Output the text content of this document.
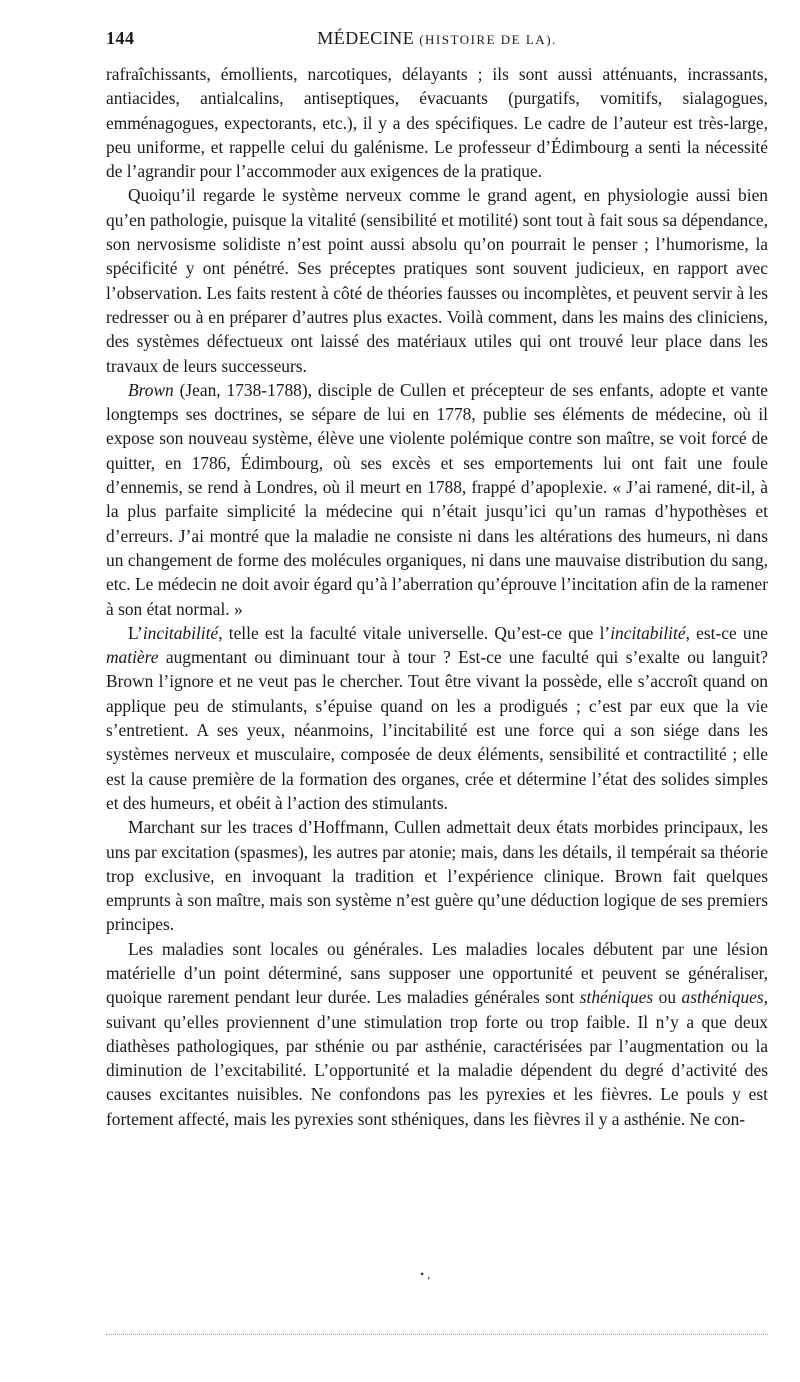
144	MÉDECINE (HISTOIRE DE LA).

rafraîchissants, émollients, narcotiques, délayants ; ils sont aussi atténuants, incrassants, antiacides, antialcalins, antiseptiques, évacuants (purgatifs, vomitifs, sialagogues, emménagogues, expectorants, etc.), il y a des spécifiques. Le cadre de l’auteur est très-large, peu uniforme, et rappelle celui du galénisme. Le professeur d’Édimbourg a senti la nécessité de l’agrandir pour l’accommoder aux exigences de la pratique.

Quoiqu’il regarde le système nerveux comme le grand agent, en physiologie aussi bien qu’en pathologie, puisque la vitalité (sensibilité et motilité) sont tout à fait sous sa dépendance, son nervosisme solidiste n’est point aussi absolu qu’on pourrait le penser ; l’humorisme, la spécificité y ont pénétré. Ses préceptes pratiques sont souvent judicieux, en rapport avec l’observation. Les faits restent à côté de théories fausses ou incomplètes, et peuvent servir à les redresser ou à en préparer d’autres plus exactes. Voilà comment, dans les mains des cliniciens, des systèmes défectueux ont laissé des matériaux utiles qui ont trouvé leur place dans les travaux de leurs successeurs.

Brown (Jean, 1738-1788), disciple de Cullen et précepteur de ses enfants, adopte et vante longtemps ses doctrines, se sépare de lui en 1778, publie ses éléments de médecine, où il expose son nouveau système, élève une violente polémique contre son maître, se voit forcé de quitter, en 1786, Édimbourg, où ses excès et ses emportements lui ont fait une foule d’ennemis, se rend à Londres, où il meurt en 1788, frappé d’apoplexie. « J’ai ramené, dit-il, à la plus parfaite simplicité la médecine qui n’était jusqu’ici qu’un ramas d’hypothèses et d’erreurs. J’ai montré que la maladie ne consiste ni dans les altérations des humeurs, ni dans un changement de forme des molécules organiques, ni dans une mauvaise distribution du sang, etc. Le médecin ne doit avoir égard qu’à l’aberration qu’éprouve l’incitation afin de la ramener à son état normal. »

L’incitabilité, telle est la faculté vitale universelle. Qu’est-ce que l’incitabilité, est-ce une matière augmentant ou diminuant tour à tour ? Est-ce une faculté qui s’exalte ou languit? Brown l’ignore et ne veut pas le chercher. Tout être vivant la possède, elle s’accroît quand on applique peu de stimulants, s’épuise quand on les a prodigués ; c’est par eux que la vie s’entretient. A ses yeux, néanmoins, l’incitabilité est une force qui a son siége dans les systèmes nerveux et musculaire, composée de deux éléments, sensibilité et contractilité ; elle est la cause première de la formation des organes, crée et détermine l’état des solides simples et des humeurs, et obéit à l’action des stimulants.

Marchant sur les traces d’Hoffmann, Cullen admettait deux états morbides principaux, les uns par excitation (spasmes), les autres par atonie; mais, dans les détails, il tempérait sa théorie trop exclusive, en invoquant la tradition et l’expérience clinique. Brown fait quelques emprunts à son maître, mais son système n’est guère qu’une déduction logique de ses premiers principes.

Les maladies sont locales ou générales. Les maladies locales débutent par une lésion matérielle d’un point déterminé, sans supposer une opportunité et peuvent se généraliser, quoique rarement pendant leur durée. Les maladies générales sont sthéniques ou asthéniques, suivant qu’elles proviennent d’une stimulation trop forte ou trop faible. Il n’y a que deux diathèses pathologiques, par sthénie ou par asthénie, caractérisées par l’augmentation ou la diminution de l’excitabilité. L’opportunité et la maladie dépendent du degré d’activité des causes excitantes nuisibles. Ne confondons pas les pyrexies et les fièvres. Le pouls y est fortement affecté, mais les pyrexies sont sthéniques, dans les fièvres il y a asthénie. Ne con-

• ,
